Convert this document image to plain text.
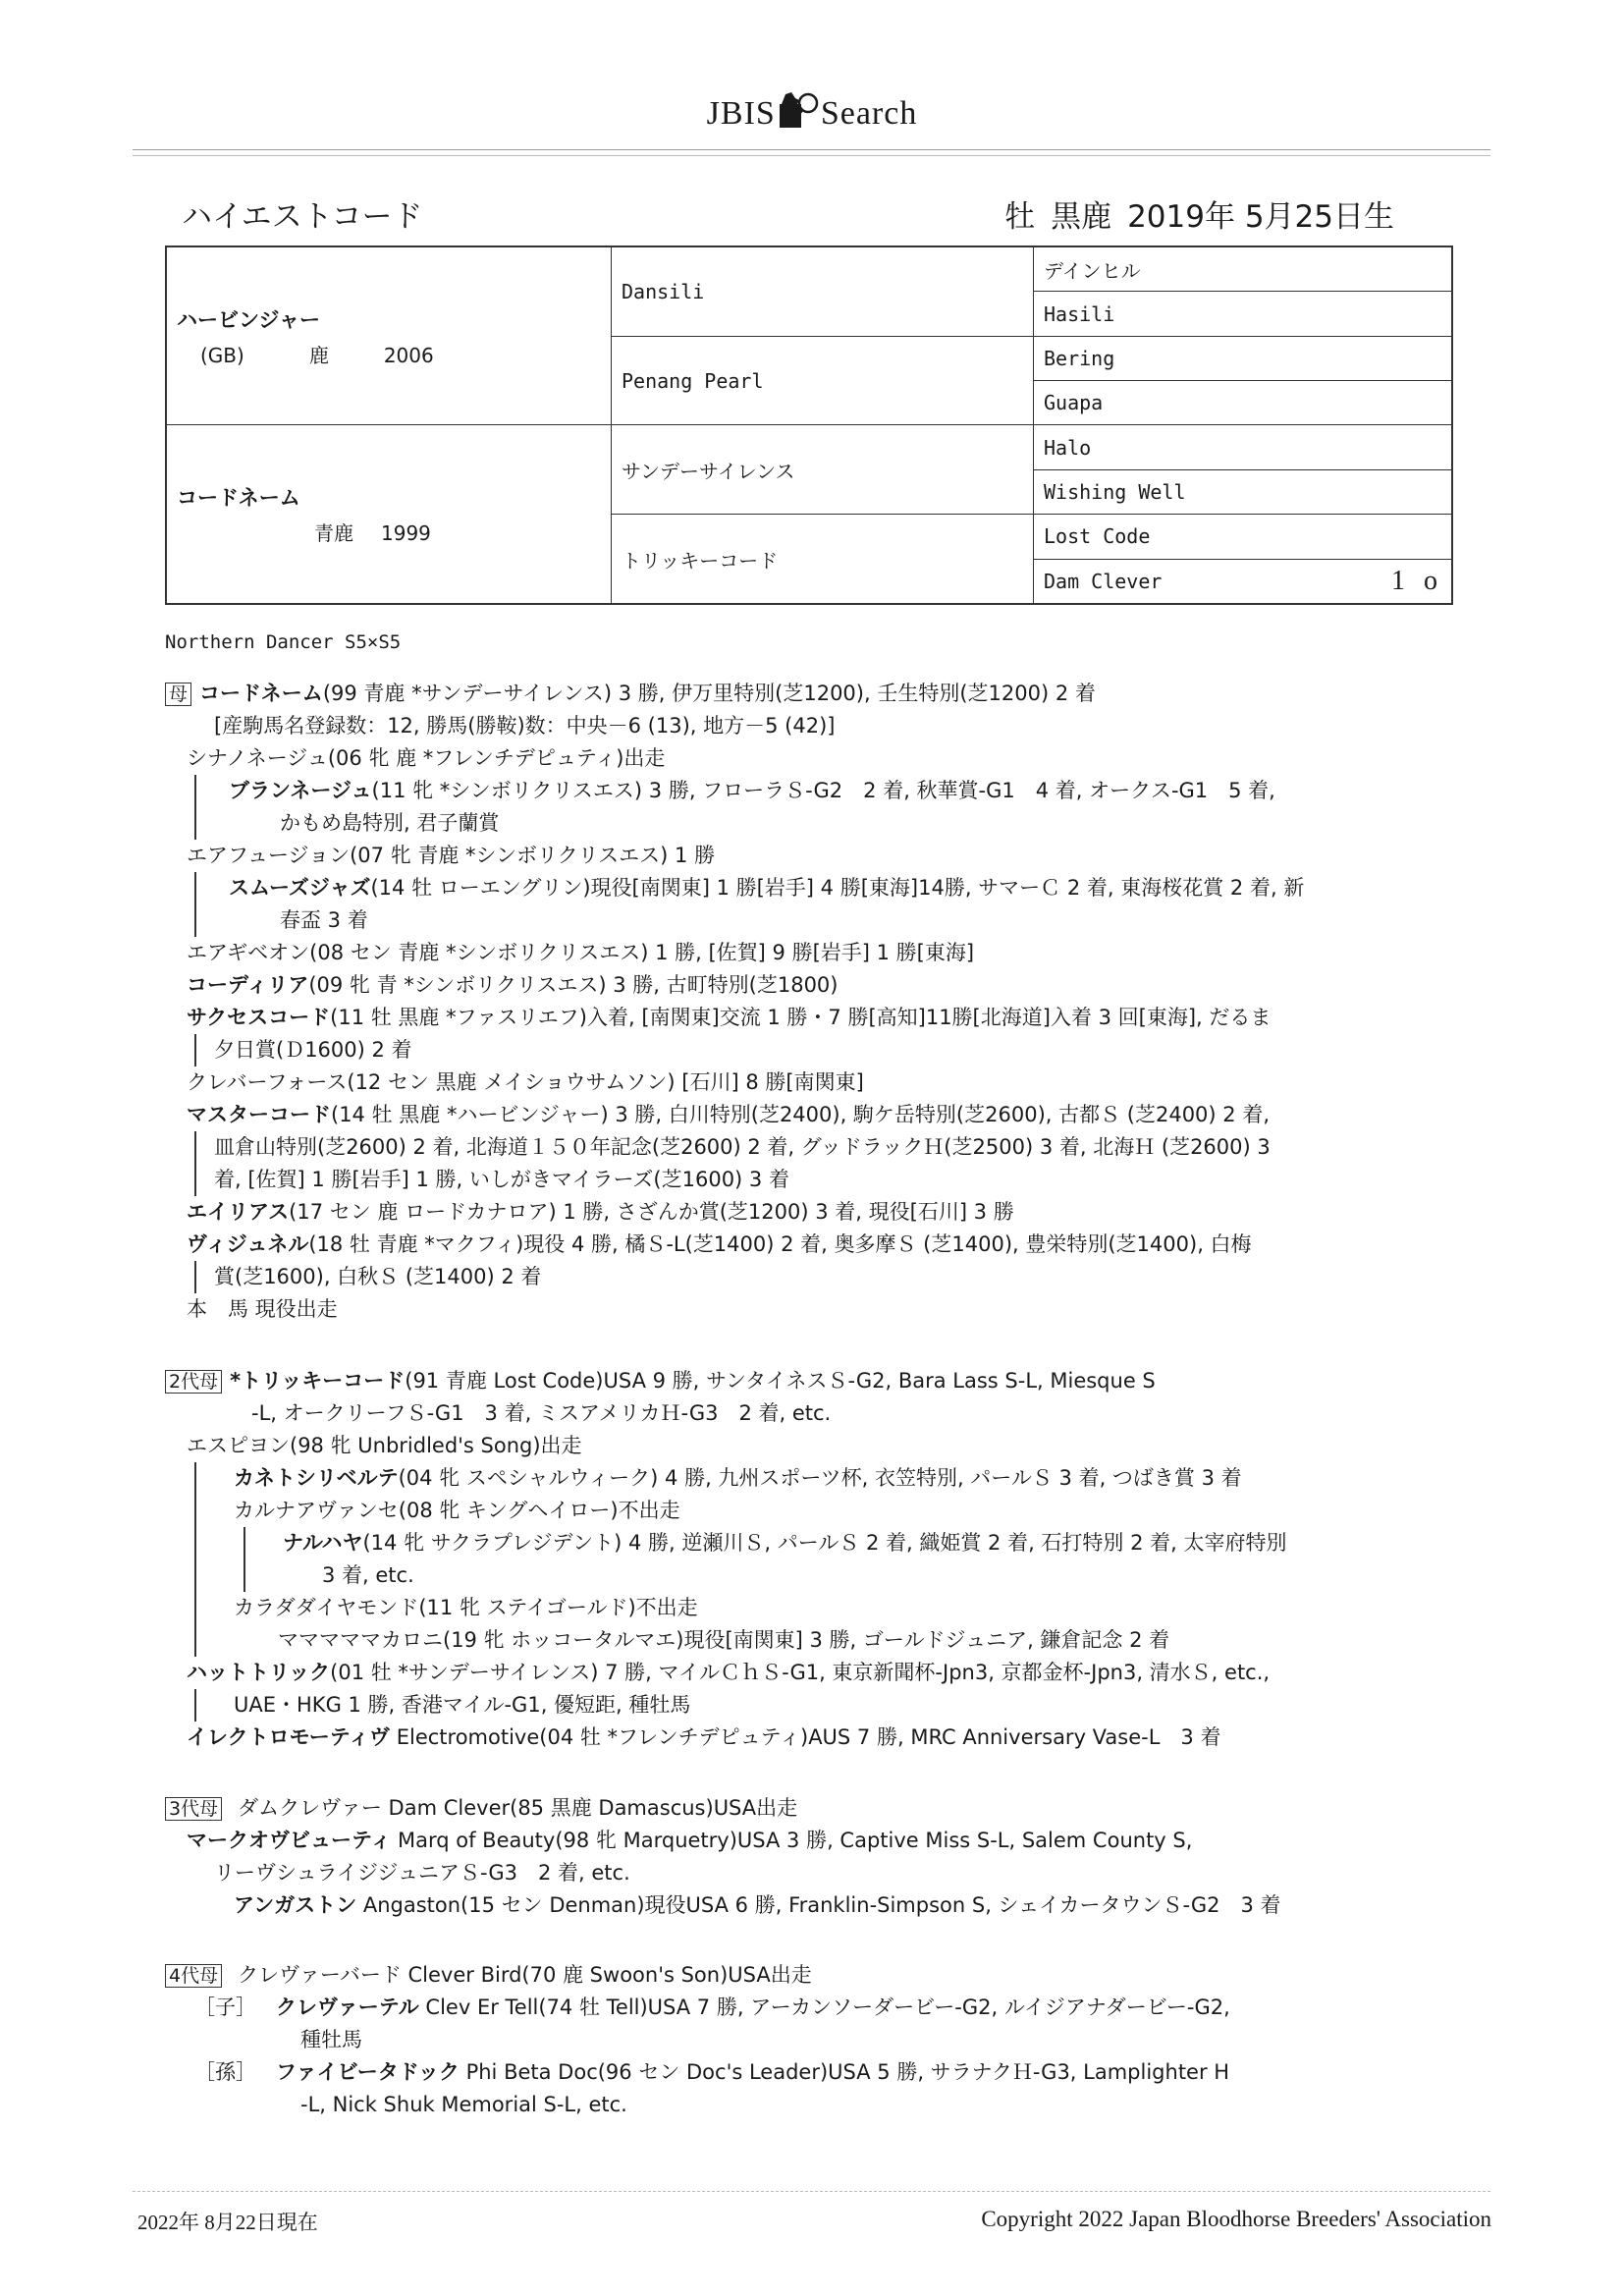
JBIS Search
ハイエストコード	牡 黒鹿 2019年 5月25日生
ハービンジャー
(GB) 鹿 2006	Dansili	デインヒル
		Hasili
	Penang Pearl	Bering
		Guapa

コードネーム
青鹿 1999	サンデーサイレンス	Halo
		Wishing Well
	トリッキーコード	Lost Code
		Dam Clever 1 o
Northern Dancer S5×S5
母 コードネーム(99 青鹿 *サンデーサイレンス) 3 勝, 伊万里特別(芝1200), 壬生特別(芝1200) 2 着
[産駒馬名登録数：12, 勝馬(勝鞍)数：中央－6 (13), 地方－5 (42)]
シナノネージュ(06 牝 鹿 *フレンチデピュティ)出走
ブランネージュ(11 牝 *シンボリクリスエス) 3 勝, フローラＳ-G2　2 着, 秋華賞-G1　4 着, オークス-G1　5 着,
かもめ島特別, 君子蘭賞
エアフュージョン(07 牝 青鹿 *シンボリクリスエス) 1 勝
スムーズジャズ(14 牡 ローエングリン)現役[南関東] 1 勝[岩手] 4 勝[東海]14勝, サマーＣ 2 着, 東海桜花賞 2 着, 新
春盃 3 着
エアギベオン(08 セン 青鹿 *シンボリクリスエス) 1 勝, [佐賀] 9 勝[岩手] 1 勝[東海]
コーディリア(09 牝 青 *シンボリクリスエス) 3 勝, 古町特別(芝1800)
サクセスコード(11 牡 黒鹿 *ファスリエフ)入着, [南関東]交流 1 勝・7 勝[高知]11勝[北海道]入着 3 回[東海], だるま
夕日賞(Ｄ1600) 2 着
クレバーフォース(12 セン 黒鹿 メイショウサムソン) [石川] 8 勝[南関東]
マスターコード(14 牡 黒鹿 *ハービンジャー) 3 勝, 白川特別(芝2400), 駒ケ岳特別(芝2600), 古都Ｓ (芝2400) 2 着,
皿倉山特別(芝2600) 2 着, 北海道１５０年記念(芝2600) 2 着, グッドラックＨ(芝2500) 3 着, 北海Ｈ (芝2600) 3
着, [佐賀] 1 勝[岩手] 1 勝, いしがきマイラーズ(芝1600) 3 着
エイリアス(17 セン 鹿 ロードカナロア) 1 勝, さざんか賞(芝1200) 3 着, 現役[石川] 3 勝
ヴィジュネル(18 牡 青鹿 *マクフィ)現役 4 勝, 橘Ｓ-L(芝1400) 2 着, 奥多摩Ｓ (芝1400), 豊栄特別(芝1400), 白梅
賞(芝1600), 白秋Ｓ (芝1400) 2 着
本　馬 現役出走
2代母 *トリッキーコード(91 青鹿 Lost Code)USA 9 勝, サンタイネスＳ-G2, Bara Lass S-L, Miesque S
-L, オークリーフＳ-G1　3 着, ミスアメリカＨ-G3　2 着, etc.
エスピヨン(98 牝 Unbridled's Song)出走
カネトシリベルテ(04 牝 スペシャルウィーク) 4 勝, 九州スポーツ杯, 衣笠特別, パールＳ 3 着, つばき賞 3 着
カルナアヴァンセ(08 牝 キングヘイロー)不出走
ナルハヤ(14 牝 サクラプレジデント) 4 勝, 逆瀬川Ｓ, パールＳ 2 着, 織姫賞 2 着, 石打特別 2 着, 太宰府特別
3 着, etc.
カラダダイヤモンド(11 牝 ステイゴールド)不出走
マママママカロニ(19 牝 ホッコータルマエ)現役[南関東] 3 勝, ゴールドジュニア, 鎌倉記念 2 着
ハットトリック(01 牡 *サンデーサイレンス) 7 勝, マイルＣｈＳ-G1, 東京新聞杯-Jpn3, 京都金杯-Jpn3, 清水Ｓ, etc.,
UAE・HKG 1 勝, 香港マイル-G1, 優短距, 種牡馬
イレクトロモーティヴ Electromotive(04 牡 *フレンチデピュティ)AUS 7 勝, MRC Anniversary Vase-L　3 着
3代母 ダムクレヴァー Dam Clever(85 黒鹿 Damascus)USA出走
マークオヴビューティ Marq of Beauty(98 牝 Marquetry)USA 3 勝, Captive Miss S-L, Salem County S,
リーヴシュライジジュニアＳ-G3　2 着, etc.
アンガストン Angaston(15 セン Denman)現役USA 6 勝, Franklin-Simpson S, シェイカータウンＳ-G2　3 着
4代母 クレヴァーバード Clever Bird(70 鹿 Swoon's Son)USA出走
［子］ クレヴァーテル Clev Er Tell(74 牡 Tell)USA 7 勝, アーカンソーダービー-G2, ルイジアナダービー-G2,
種牡馬
［孫］ ファイビータドック Phi Beta Doc(96 セン Doc's Leader)USA 5 勝, サラナクＨ-G3, Lamplighter H
-L, Nick Shuk Memorial S-L, etc.
2022年 8月22日現在	Copyright 2022 Japan Bloodhorse Breeders' Association
